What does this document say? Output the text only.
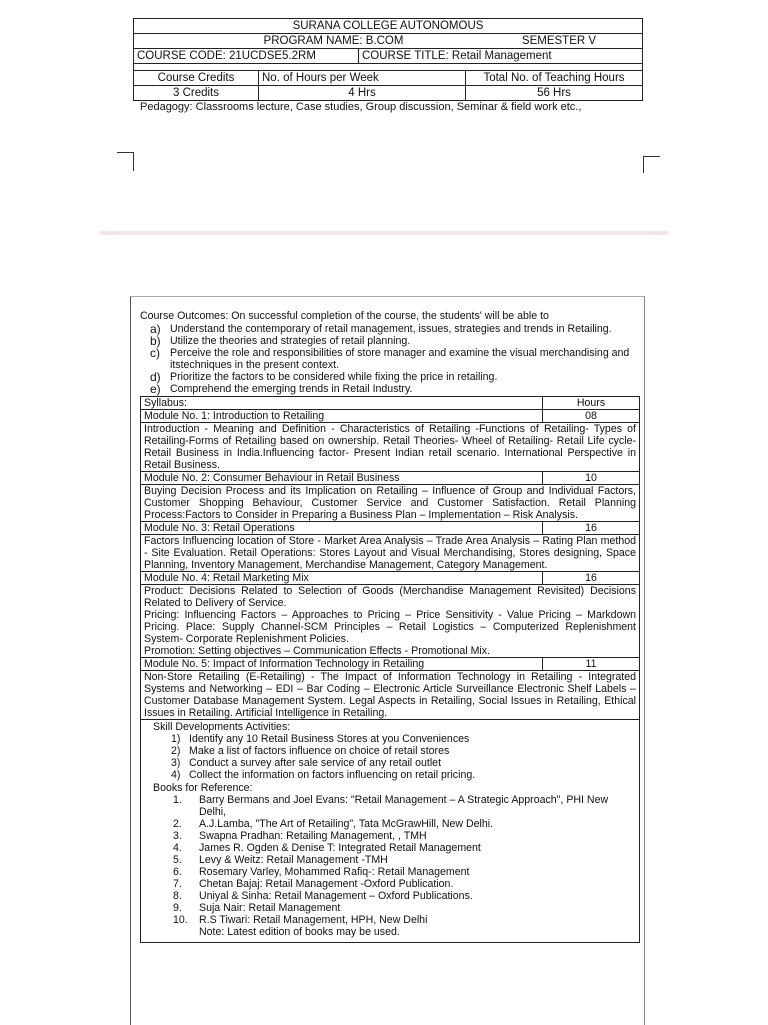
SURANA COLLEGE AUTONOMOUS
PROGRAM NAME: B.COM	SEMESTER V
COURSE CODE: 21UCDSE5.2RM	COURSE TITLE: Retail Management
Course Credits	No. of Hours per Week	Total No. of Teaching Hours
3 Credits	4 Hrs	56 Hrs
Pedagogy: Classrooms lecture, Case studies, Group discussion, Seminar & field work etc.,
Course Outcomes: On successful completion of the course, the students' will be able to
a) Understand the contemporary of retail management, issues, strategies and trends in Retailing.
b) Utilize the theories and strategies of retail planning.
c) Perceive the role and responsibilities of store manager and examine the visual merchandising and itstechniques in the present context.
d) Prioritize the factors to be considered while fixing the price in retailing.
e) Comprehend the emerging trends in Retail Industry.
Syllabus:	Hours
Module No. 1: Introduction to Retailing	08
Introduction - Meaning and Definition - Characteristics of Retailing -Functions of Retailing- Types of Retailing-Forms of Retailing based on ownership. Retail Theories- Wheel of Retailing- Retail Life cycle- Retail Business in India.Influencing factor- Present Indian retail scenario. International Perspective in Retail Business.
Module No. 2: Consumer Behaviour in Retail Business	10
Buying Decision Process and its Implication on Retailing – Influence of Group and Individual Factors, Customer Shopping Behaviour, Customer Service and Customer Satisfaction. Retail Planning Process:Factors to Consider in Preparing a Business Plan – Implementation – Risk Analysis.
Module No. 3: Retail Operations	16
Factors Influencing location of Store - Market Area Analysis – Trade Area Analysis – Rating Plan method - Site Evaluation. Retail Operations: Stores Layout and Visual Merchandising, Stores designing, Space Planning, Inventory Management, Merchandise Management, Category Management.
Module No. 4: Retail Marketing Mix	16
Product: Decisions Related to Selection of Goods (Merchandise Management Revisited) Decisions Related to Delivery of Service.
Pricing: Influencing Factors – Approaches to Pricing – Price Sensitivity - Value Pricing – Markdown Pricing. Place: Supply Channel-SCM Principles – Retail Logistics – Computerized Replenishment System- Corporate Replenishment Policies.
Promotion: Setting objectives – Communication Effects - Promotional Mix.
Module No. 5: Impact of Information Technology in Retailing	11
Non-Store Retailing (E-Retailing) - The Impact of Information Technology in Retailing - Integrated Systems and Networking – EDI – Bar Coding – Electronic Article Surveillance Electronic Shelf Labels – Customer Database Management System. Legal Aspects in Retailing, Social Issues in Retailing, Ethical Issues in Retailing. Artificial Intelligence in Retailing.
Skill Developments Activities:
1) Identify any 10 Retail Business Stores at you Conveniences
2) Make a list of factors influence on choice of retail stores
3) Conduct a survey after sale service of any retail outlet
4) Collect the information on factors influencing on retail pricing.
Books for Reference:
1.	Barry Bermans and Joel Evans: "Retail Management – A Strategic Approach", PHI New Delhi,
2.	A.J.Lamba, "The Art of Retailing", Tata McGrawHill, New Delhi.
3.	Swapna Pradhan: Retailing Management, , TMH
4.	James R. Ogden & Denise T: Integrated Retail Management
5.	Levy & Weitz: Retail Management -TMH
6.	Rosemary Varley, Mohammed Rafiq-: Retail Management
7.	Chetan Bajaj: Retail Management -Oxford Publication.
8.	Uniyal & Sinha: Retail Management – Oxford Publications.
9.	Suja Nair: Retail Management
10.	R.S Tiwari: Retail Management, HPH, New Delhi
Note: Latest edition of books may be used.
